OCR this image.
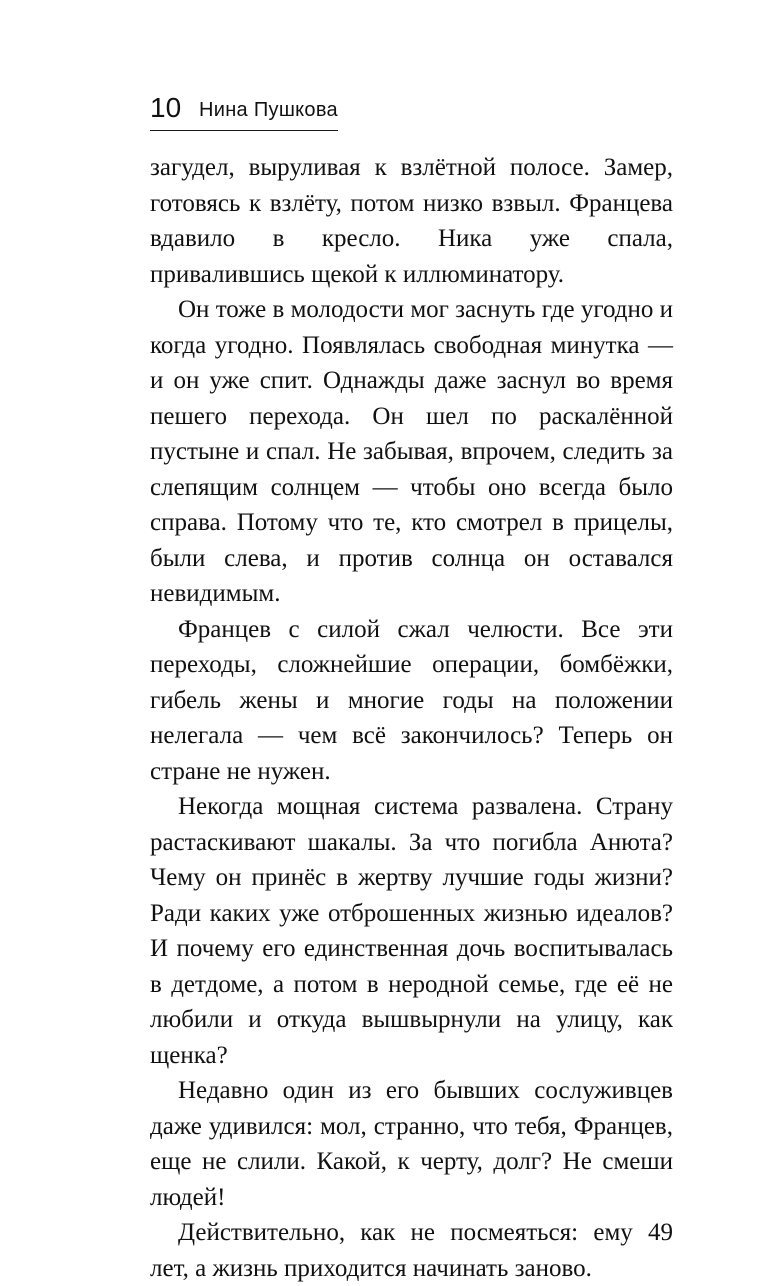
10 Нина Пушкова

загудел, выруливая к взлётной полосе. Замер, готовясь к взлёту, потом низко взвыл. Францева вдавило в кресло. Ника уже спала, привалившись щекой к иллюминатору.

Он тоже в молодости мог заснуть где угодно и когда угодно. Появлялась свободная минутка — и он уже спит. Однажды даже заснул во время пешего перехода. Он шел по раскалённой пустыне и спал. Не забывая, впрочем, следить за слепящим солнцем — чтобы оно всегда было справа. Потому что те, кто смотрел в прицелы, были слева, и против солнца он оставался невидимым.

Францев с силой сжал челюсти. Все эти переходы, сложнейшие операции, бомбёжки, гибель жены и многие годы на положении нелегала — чем всё закончилось? Теперь он стране не нужен.

Некогда мощная система развалена. Страну растаскивают шакалы. За что погибла Анюта? Чему он принёс в жертву лучшие годы жизни? Ради каких уже отброшенных жизнью идеалов? И почему его единственная дочь воспитывалась в детдоме, а потом в неродной семье, где её не любили и откуда вышвырнули на улицу, как щенка?

Недавно один из его бывших сослуживцев даже удивился: мол, странно, что тебя, Францев, еще не слили. Какой, к черту, долг? Не смеши людей!

Действительно, как не посмеяться: ему 49 лет, а жизнь приходится начинать заново.
